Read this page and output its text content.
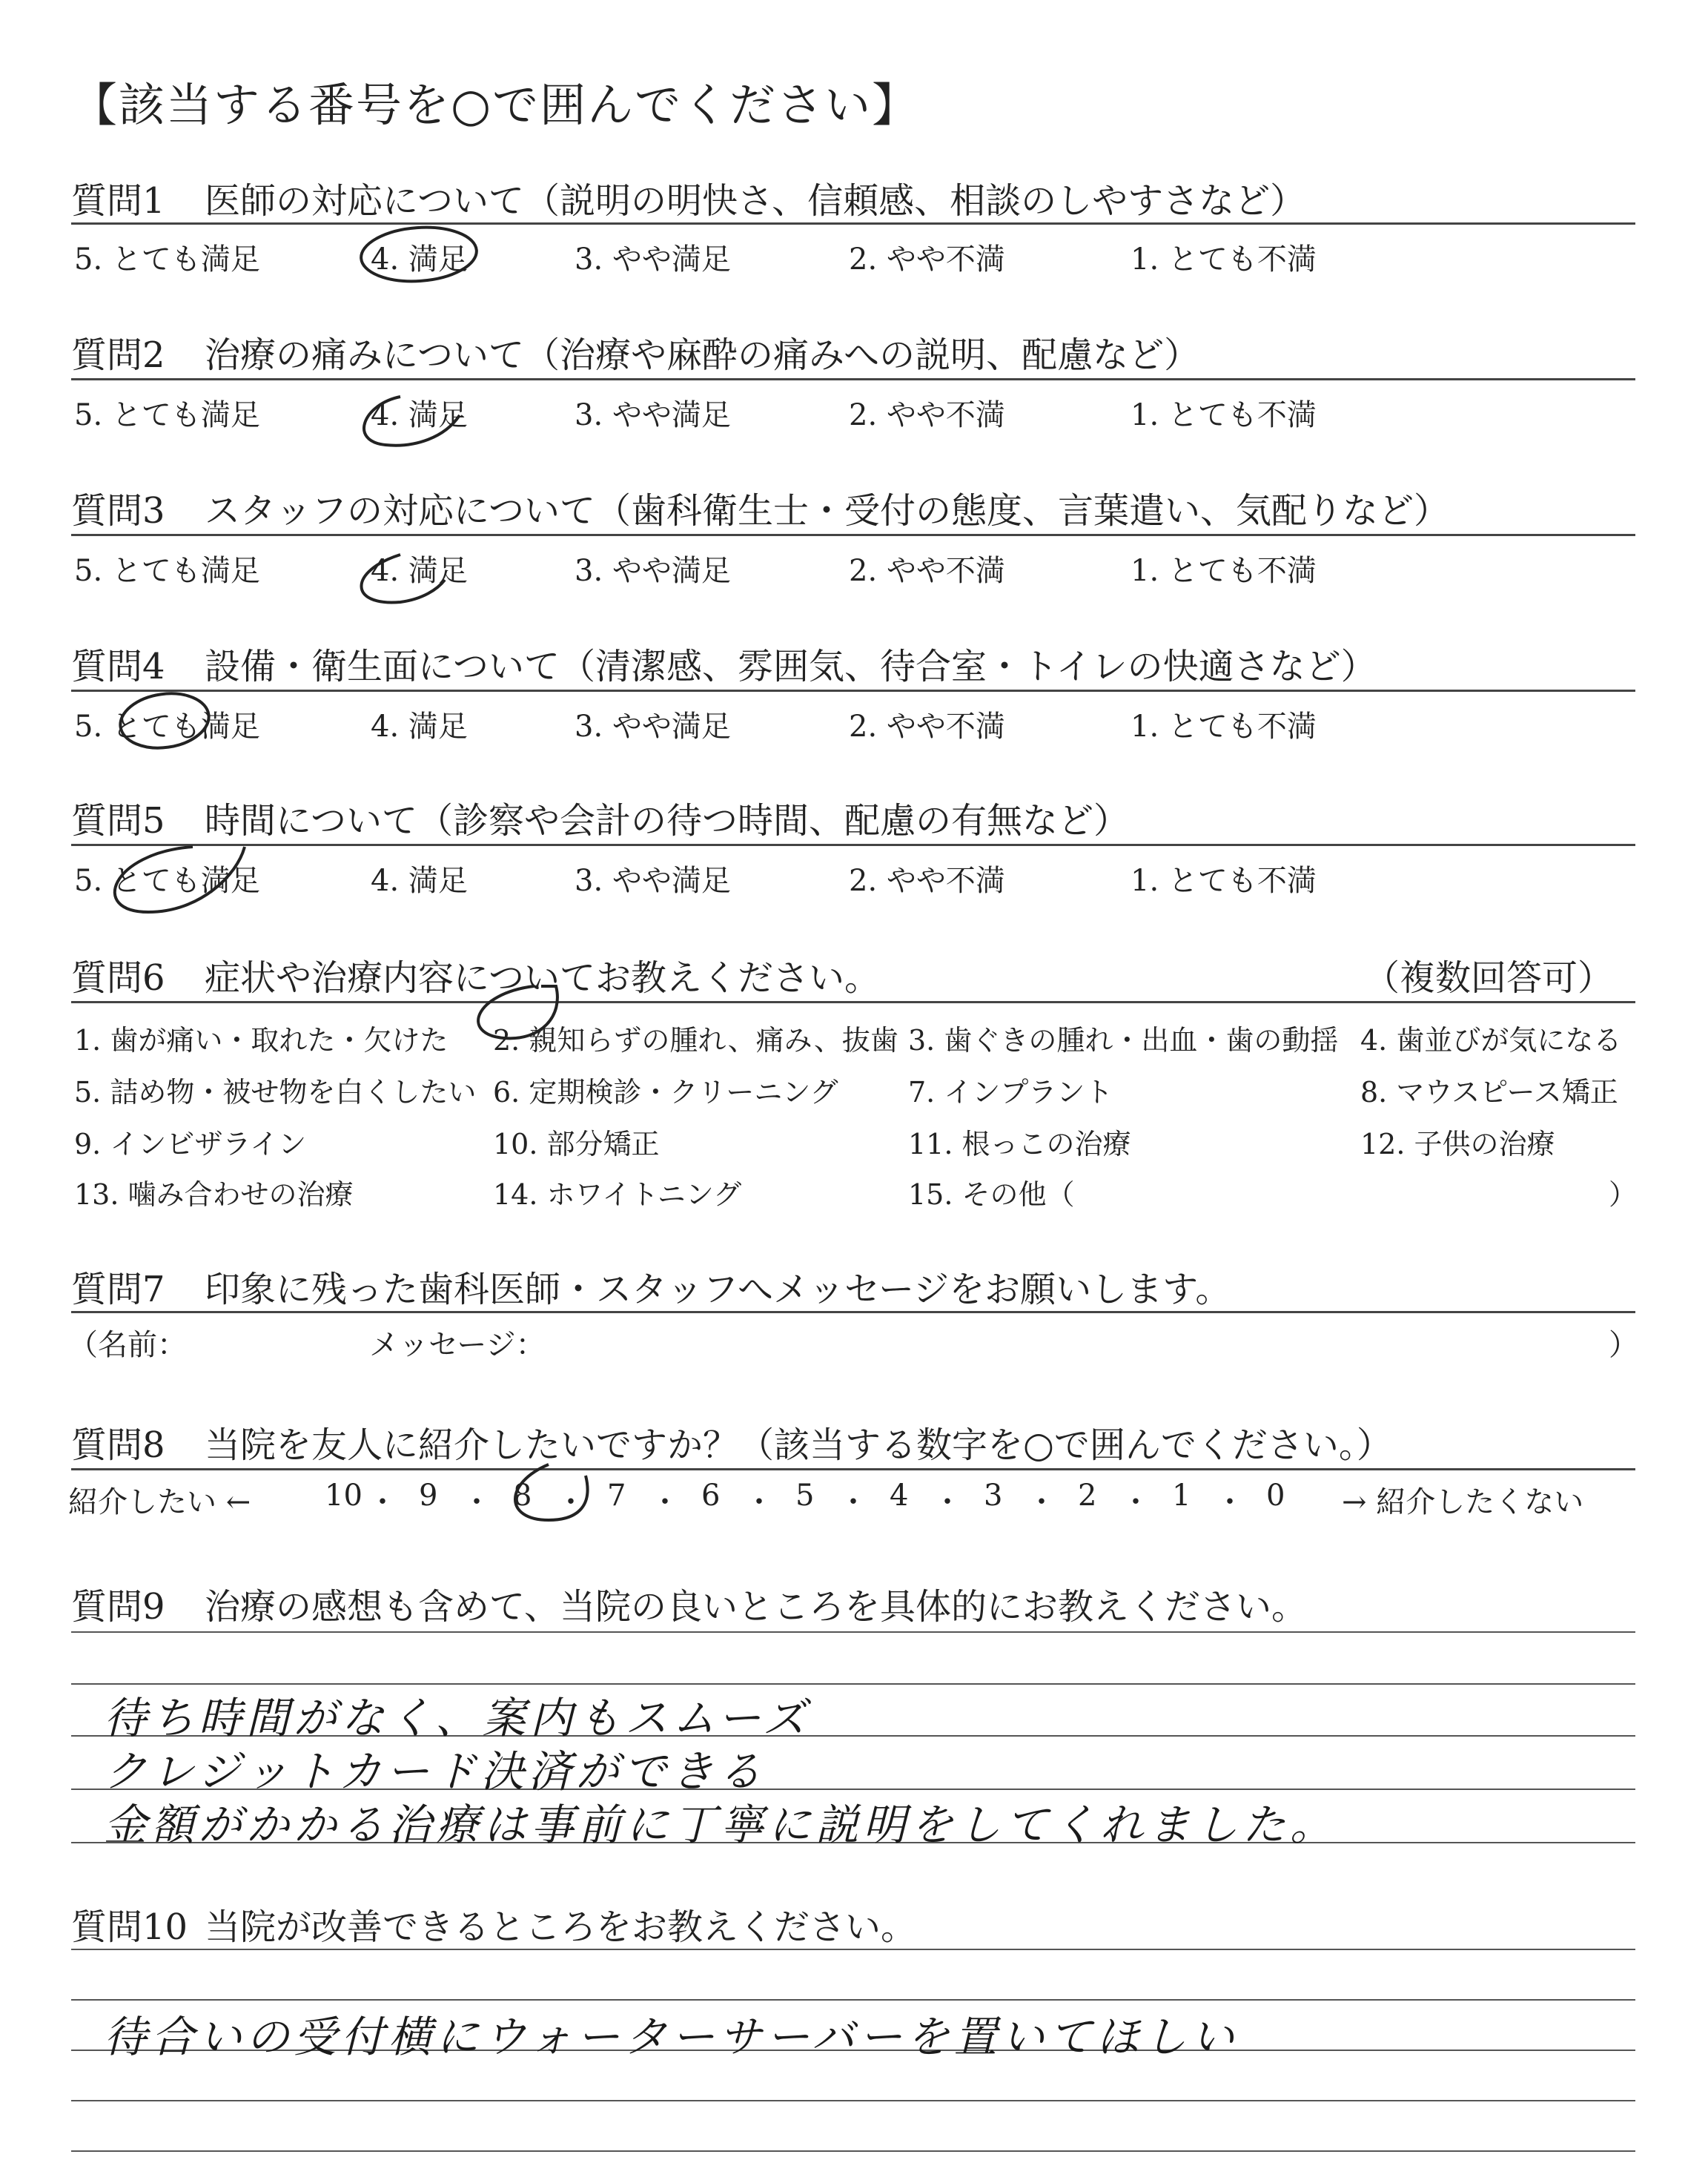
【該当する番号を○で囲んでください】
質問1 医師の対応について（説明の明快さ、信頼感、相談のしやすさなど）
5. とても満足	4. 満足	3. やや満足	2. やや不満	1. とても不満
質問2 治療の痛みについて（治療や麻酔の痛みへの説明、配慮など）
5. とても満足	4. 満足	3. やや満足	2. やや不満	1. とても不満
質問3 スタッフの対応について（歯科衛生士・受付の態度、言葉遣い、気配りなど）
5. とても満足	4. 満足	3. やや満足	2. やや不満	1. とても不満
質問4 設備・衛生面について（清潔感、雰囲気、待合室・トイレの快適さなど）
5. とても満足	4. 満足	3. やや満足	2. やや不満	1. とても不満
質問5 時間について（診察や会計の待つ時間、配慮の有無など）
5. とても満足	4. 満足	3. やや満足	2. やや不満	1. とても不満
質問6 症状や治療内容についてお教えください。	（複数回答可）
1. 歯が痛い・取れた・欠けた 2. 親知らずの腫れ、痛み、抜歯 3. 歯ぐきの腫れ・出血・歯の動揺 4. 歯並びが気になる
5. 詰め物・被せ物を白くしたい 6. 定期検診・クリーニング 7. インプラント	8. マウスピース矯正
9. インビザライン	10. 部分矯正	11. 根っこの治療	12. 子供の治療
13. 噛み合わせの治療	14. ホワイトニング	15. その他（	）
質問7 印象に残った歯科医師・スタッフへメッセージをお願いします。
（名前：	メッセージ：	）
質問8 当院を友人に紹介したいですか？（該当する数字を○で囲んでください。）
紹介したい ←	→ 紹介したくない
10 ・ 9 ・ 8 ・ 7 ・ 6 ・ 5 ・ 4 ・ 3 ・ 2 ・ 1 ・ 0
質問9 治療の感想も含めて、当院の良いところを具体的にお教えください。
待ち時間がなく、案内もスムーズ
クレジットカード決済ができる
金額がかかる治療は事前に丁寧に説明をしてくれました。
質問10 当院が改善できるところをお教えください。
待合いの受付横にウォーターサーバーを置いてほしい
